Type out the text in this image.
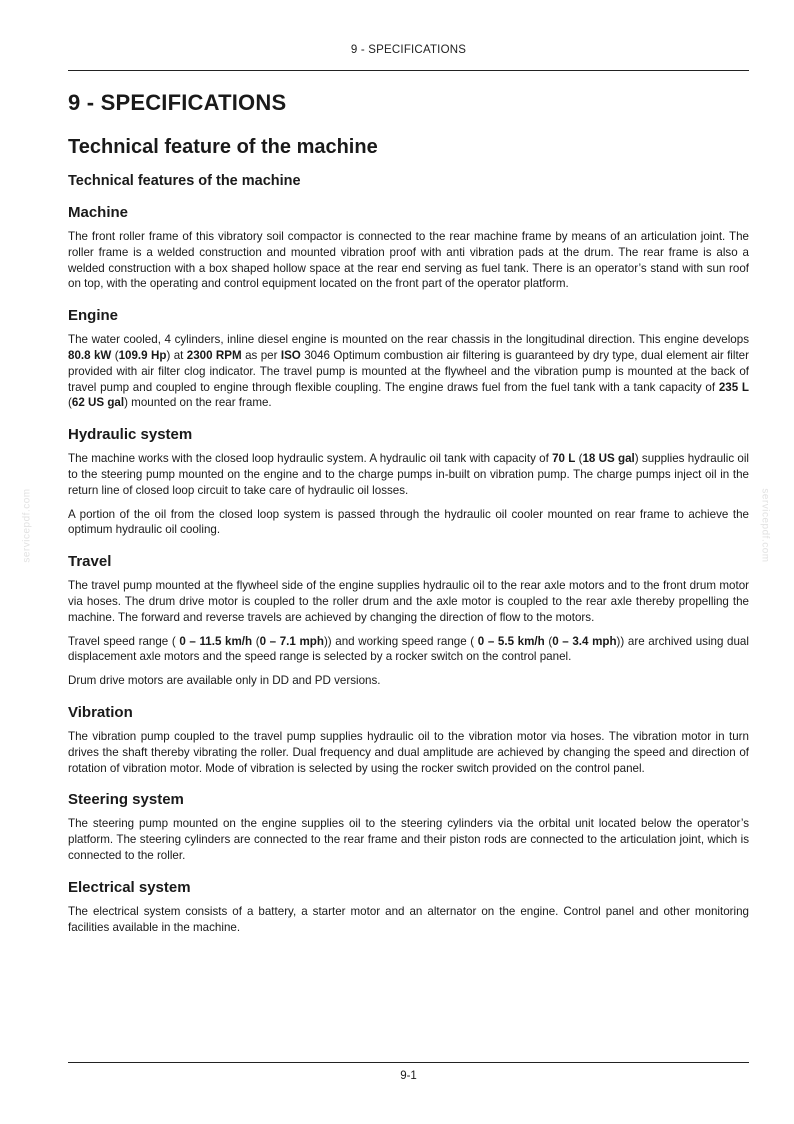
9 - SPECIFICATIONS
servicepdf.com	servicepdf.com
9 - SPECIFICATIONS
Technical feature of the machine
Technical features of the machine
Machine

The front roller frame of this vibratory soil compactor is connected to the rear machine frame by means of an articulation joint. The roller frame is a welded construction and mounted vibration proof with anti vibration pads at the drum. The rear frame is also a welded construction with a box shaped hollow space at the rear end serving as fuel tank. There is an operator’s stand with sun roof on top, with the operating and control equipment located on the front part of the operator platform.

Engine

The water cooled, 4 cylinders, inline diesel engine is mounted on the rear chassis in the longitudinal direction. This engine develops 80.8 kW (109.9 Hp) at 2300 RPM as per ISO 3046 Optimum combustion air filtering is guaranteed by dry type, dual element air filter provided with air filter clog indicator. The travel pump is mounted at the flywheel and the vibration pump is mounted at the back of travel pump and coupled to engine through flexible coupling. The engine draws fuel from the fuel tank with a tank capacity of 235 L (62 US gal) mounted on the rear frame.

Hydraulic system

The machine works with the closed loop hydraulic system. A hydraulic oil tank with capacity of 70 L (18 US gal) supplies hydraulic oil to the steering pump mounted on the engine and to the charge pumps in-built on vibration pump. The charge pumps inject oil in the return line of closed loop circuit to take care of hydraulic oil losses.

A portion of the oil from the closed loop system is passed through the hydraulic oil cooler mounted on rear frame to achieve the optimum hydraulic oil cooling.

Travel

The travel pump mounted at the flywheel side of the engine supplies hydraulic oil to the rear axle motors and to the front drum motor via hoses. The drum drive motor is coupled to the roller drum and the axle motor is coupled to the rear axle thereby propelling the machine. The forward and reverse travels are achieved by changing the direction of flow to the motors.

Travel speed range ( 0 – 11.5 km/h (0 – 7.1 mph)) and working speed range ( 0 – 5.5 km/h (0 – 3.4 mph)) are archived using dual displacement axle motors and the speed range is selected by a rocker switch on the control panel.

Drum drive motors are available only in DD and PD versions.

Vibration

The vibration pump coupled to the travel pump supplies hydraulic oil to the vibration motor via hoses. The vibration motor in turn drives the shaft thereby vibrating the roller. Dual frequency and dual amplitude are achieved by changing the speed and direction of rotation of vibration motor. Mode of vibration is selected by using the rocker switch provided on the control panel.

Steering system

The steering pump mounted on the engine supplies oil to the steering cylinders via the orbital unit located below the operator’s platform. The steering cylinders are connected to the rear frame and their piston rods are connected to the articulation joint, which is connected to the roller.

Electrical system

The electrical system consists of a battery, a starter motor and an alternator on the engine. Control panel and other monitoring facilities available in the machine.

9-1
